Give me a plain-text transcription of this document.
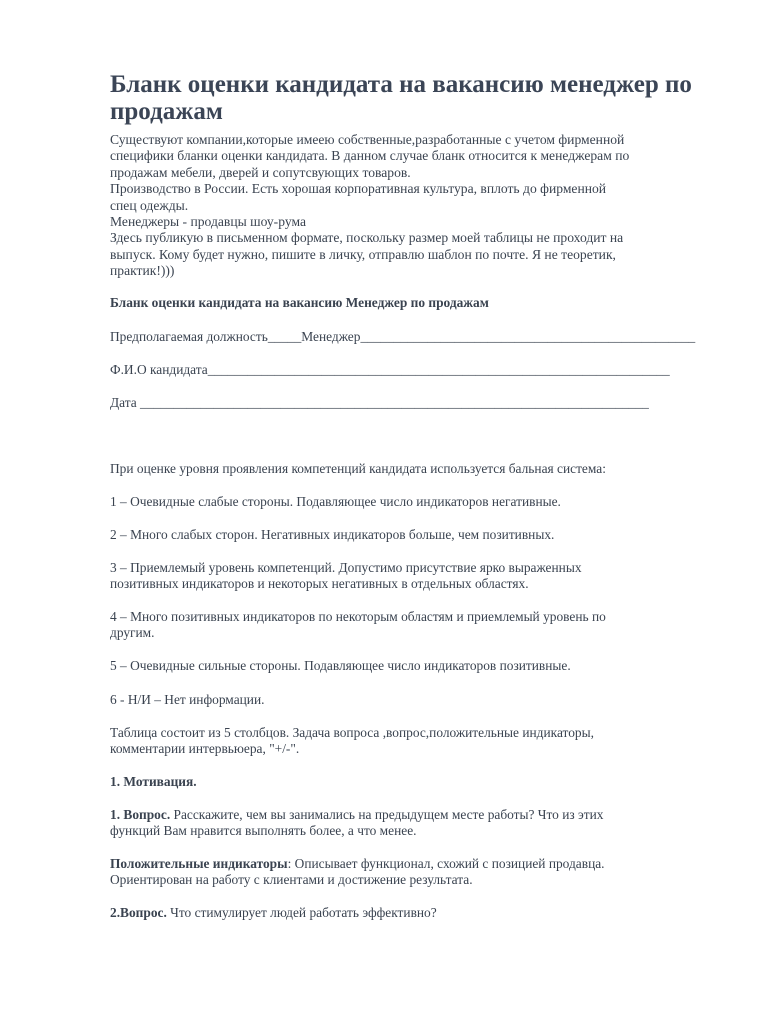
Бланк оценки кандидата на вакансию менеджер по
продажам
Существуют компании,которые имеею собственные,разработанные с учетом фирменной
специфики бланки оценки кандидата. В данном случае бланк относится к менеджерам по
продажам мебели, дверей и сопутсвующих товаров.
Производство в России. Есть хорошая корпоративная культура, вплоть до фирменной
спец одежды.
Менеджеры - продавцы шоу-рума
Здесь публикую в письменном формате, поскольку размер моей таблицы не проходит на
выпуск. Кому будет нужно, пишите в личку, отправлю шаблон по почте. Я не теоретик,
практик!)))
Бланк оценки кандидата на вакансию Менеджер по продажам
Предполагаемая должность_____Менеджер__________________________________________________
Ф.И.О кандидата_____________________________________________________________________
Дата ____________________________________________________________________________
При оценке уровня проявления компетенций кандидата используется бальная система:
1 – Очевидные слабые стороны. Подавляющее число индикаторов негативные.
2 – Много слабых сторон. Негативных индикаторов больше, чем позитивных.
3 – Приемлемый уровень компетенций. Допустимо присутствие ярко выраженных
позитивных индикаторов и некоторых негативных в отдельных областях.
4 – Много позитивных индикаторов по некоторым областям и приемлемый уровень по
другим.
5 – Очевидные сильные стороны. Подавляющее число индикаторов позитивные.
6 - Н/И – Нет информации.
Таблица состоит из 5 столбцов. Задача вопроса ,вопрос,положительные индикаторы,
комментарии интервьюера, "+/-".
1. Мотивация.
1. Вопрос. Расскажите, чем вы занимались на предыдущем месте работы? Что из этих
функций Вам нравится выполнять более, а что менее.
Положительные индикаторы: Описывает функционал, схожий с позицией продавца.
Ориентирован на работу с клиентами и достижение результата.
2.Вопрос. Что стимулирует людей работать эффективно?
